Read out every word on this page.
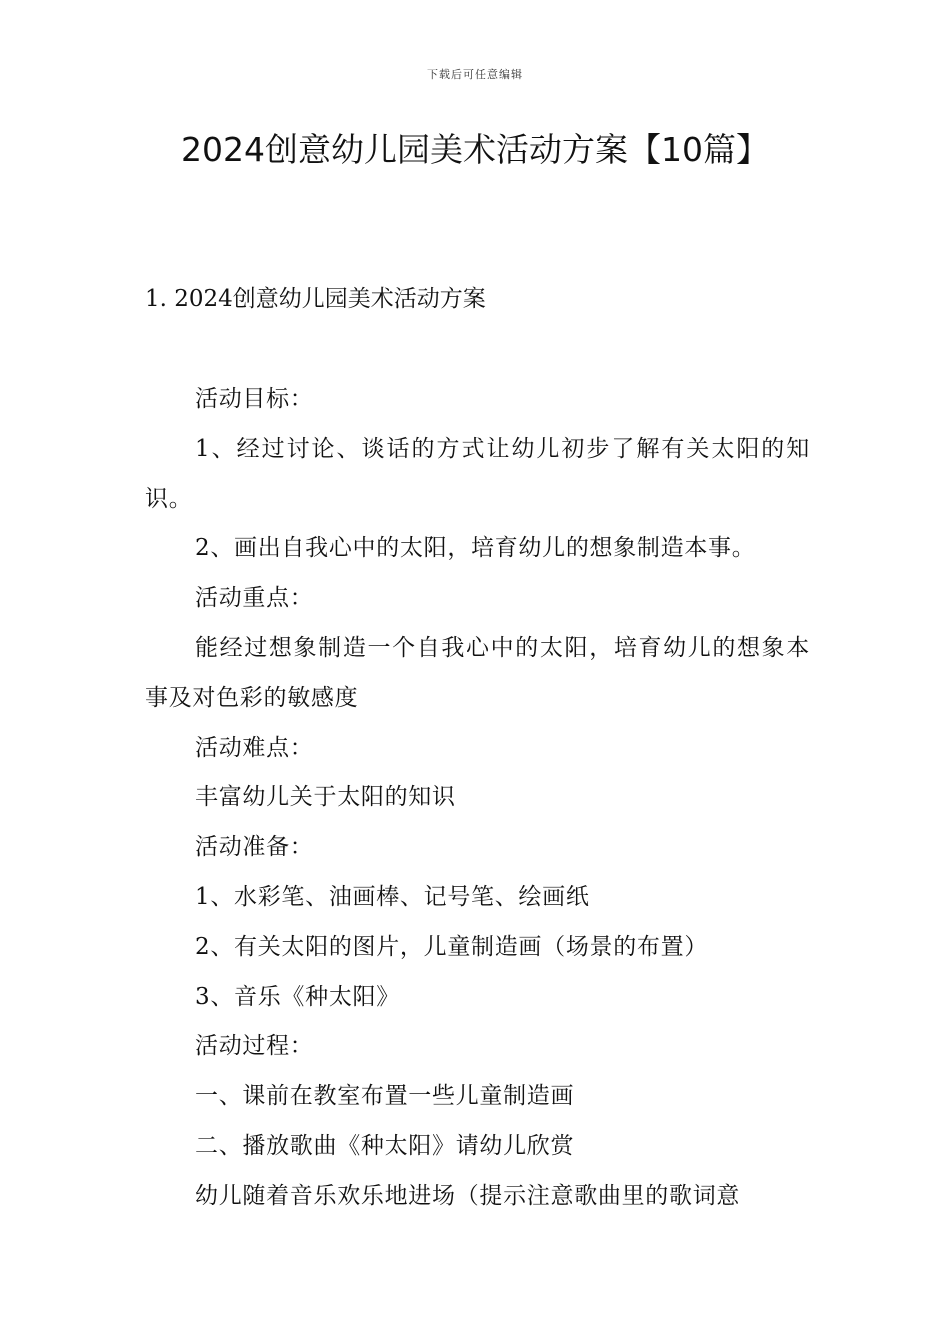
下载后可任意编辑
2024创意幼儿园美术活动方案【10篇】
1. 2024创意幼儿园美术活动方案

活动目标：

1、经过讨论、谈话的方式让幼儿初步了解有关太阳的知识。

2、画出自我心中的太阳，培育幼儿的想象制造本事。

活动重点：

能经过想象制造一个自我心中的太阳，培育幼儿的想象本事及对色彩的敏感度

活动难点：

丰富幼儿关于太阳的知识

活动准备：

1、水彩笔、油画棒、记号笔、绘画纸

2、有关太阳的图片，儿童制造画（场景的布置）

3、音乐《种太阳》

活动过程：

一、课前在教室布置一些儿童制造画

二、播放歌曲《种太阳》请幼儿欣赏

幼儿随着音乐欢乐地进场（提示注意歌曲里的歌词意
